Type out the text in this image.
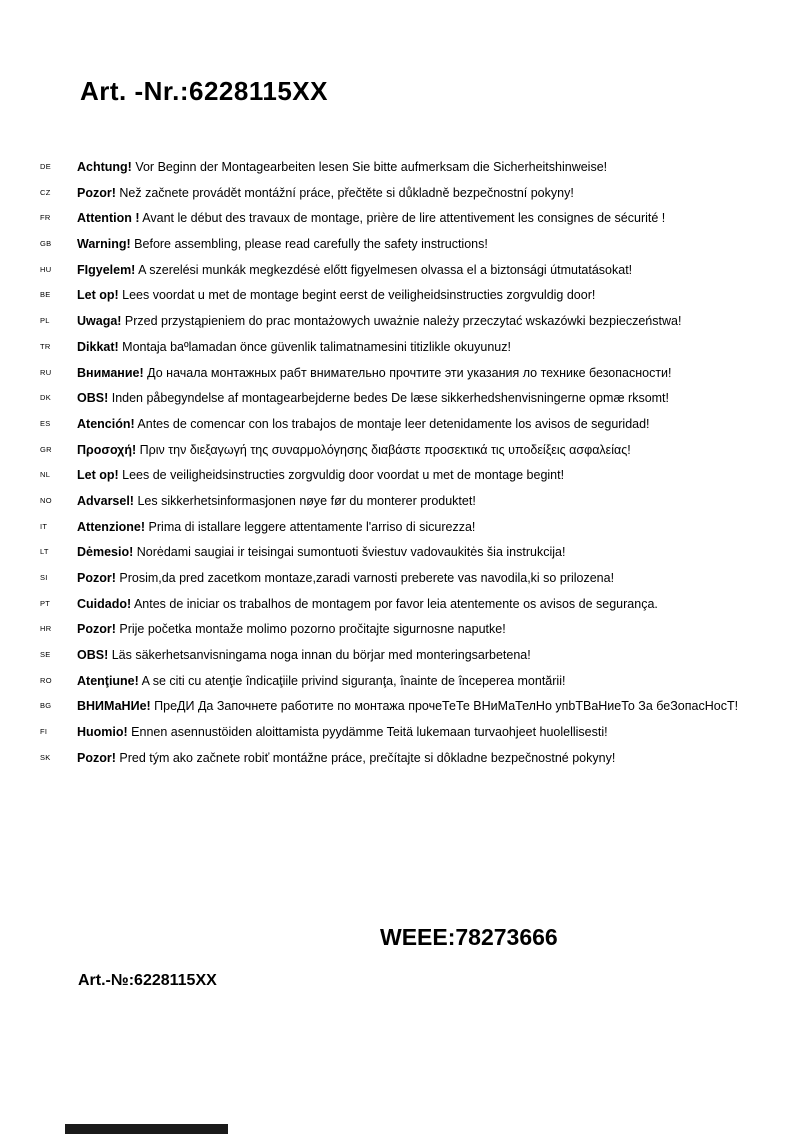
Art. -Nr.:6228115XX
DE	Achtung! Vor Beginn der Montagearbeiten lesen Sie bitte aufmerksam die Sicherheitshinweise!
CZ	Pozor! Než začnete provádět montážní práce, přečtěte si důkladně bezpečnostní pokyny!
FR	Attention ! Avant le début des travaux de montage, prière de lire attentivement les consignes de sécurité !
GB	Warning! Before assembling, please read carefully the safety instructions!
HU	FIgyelem! A szerelési munkák megkezdésė előtt figyelmesen olvassa el a biztonsági útmutatásokat!
BE	Let op! Lees voordat u met de montage begint eerst de veiligheidsinstructies zorgvuldig door!
PL	Uwaga! Przed przystąpieniem do prac montażowych uważnie należy przeczytać wskazówki bezpieczeństwa!
TR	Dikkat! Montaja baºlamadan önce güvenlik talimatnamesini titizlikle okuyunuz!
RU	Внимание! До начала монтажных рабт внимательно прочтите эти указания ло технике безопасности!
DK	OBS! Inden påbegyndelse af montagearbejderne bedes De læse sikkerhedshenvisningerne opmæ rksomt!
ES	Atención! Antes de comencar con los trabajos de montaje leer detenidamente los avisos de seguridad!
GR	Προσοχή! Πριν την διεξαγωγή της συναρμολόγησης διαβάστε προσεκτικά τις υποδείξεις ασφαλείας!
NL	Let op! Lees de veiligheidsinstructies zorgvuldig door voordat u met de montage begint!
NO	Advarsel! Les sikkerhetsinformasjonen nøye før du monterer produktet!
IT	Attenzione! Prima di istallare leggere attentamente l'arriso di sicurezza!
LT	Dėmesio! Norėdami saugiai ir teisingai sumontuoti šviestuv vadovaukitės šia instrukcija!
SI	Pozor! Prosim,da pred zacetkom montaze,zaradi varnosti preberete vas navodila,ki so prilozena!
PT	Cuidado! Antes de iniciar os trabalhos de montagem por favor leia atentemente os avisos de segurança.
HR	Pozor! Prije početka montaže molimo pozorno pročitajte sigurnosne naputke!
SE	OBS! Läs säkerhetsanvisningama noga innan du börjar med monteringsarbetena!
RO	Atenţiune! A se citi cu atenţie îndicaţiile privind siguranţa, înainte de începerea montării!
BG	ВНИМаНИе! ПреДИ Да Започнете работите по монтажа прочеТеТе ВНиМаТелНо упbТВаНиеТо За беЗопасНосТ!
FI	Huomio! Ennen asennustöiden aloittamista pyydämme Teitä lukemaan turvaohjeet huolellisesti!
SK	Pozor! Pred tým ako začnete robiť montážne práce, prečítajte si dôkladne bezpečnostné pokyny!
WEEE:78273666
Art.-№:6228115XX
